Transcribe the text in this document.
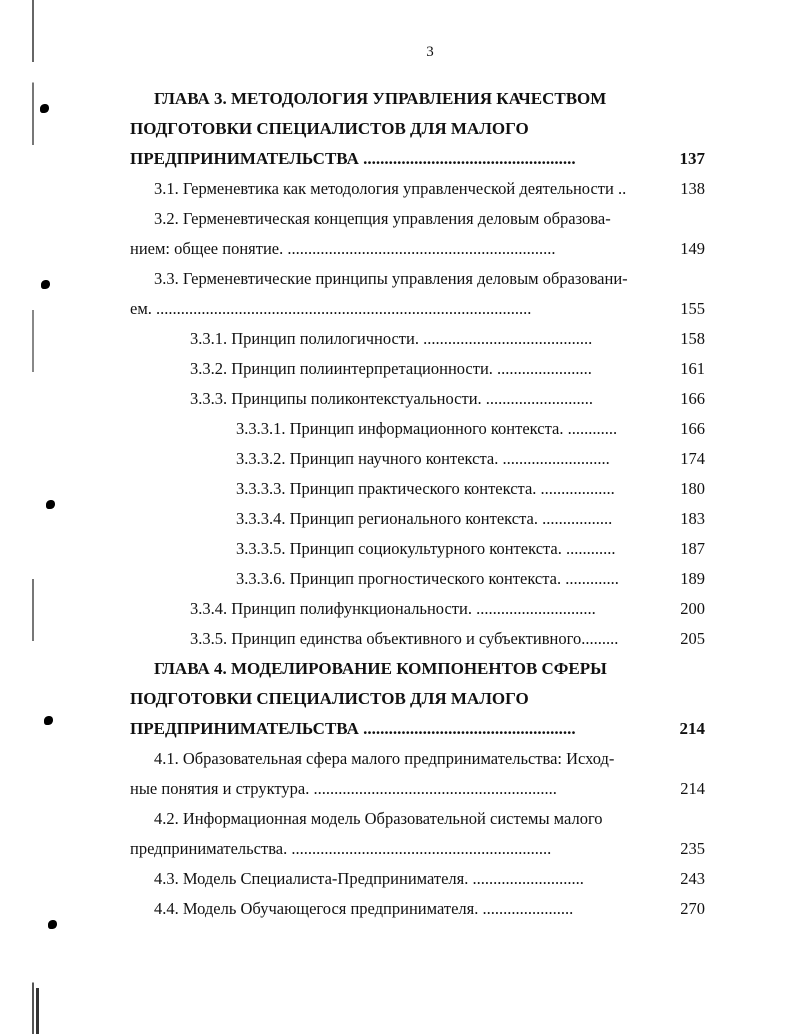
3
ГЛАВА 3. МЕТОДОЛОГИЯ УПРАВЛЕНИЯ КАЧЕСТВОМ
ПОДГОТОВКИ СПЕЦИАЛИСТОВ ДЛЯ МАЛОГО
ПРЕДПРИНИМАТЕЛЬСТВА ..................................................	137
3.1. Герменевтика как методология управленческой деятельности ..	138
3.2. Герменевтическая концепция управления деловым образова-
нием: общее понятие. .................................................................	149
3.3. Герменевтические принципы управления деловым образовани-
ем. ...........................................................................................	155
3.3.1. Принцип полилогичности. .........................................	158
3.3.2. Принцип полиинтерпретационности. .......................	161
3.3.3. Принципы поликонтекстуальности. ..........................	166
3.3.3.1. Принцип информационного контекста. ............	166
3.3.3.2. Принцип научного контекста. ..........................	174
3.3.3.3. Принцип практического контекста. ..................	180
3.3.3.4. Принцип регионального контекста. .................	183
3.3.3.5. Принцип социокультурного контекста. ............	187
3.3.3.6. Принцип прогностического контекста. .............	189
3.3.4. Принцип полифункциональности. .............................	200
3.3.5. Принцип единства объективного и субъективного.........	205
ГЛАВА 4. МОДЕЛИРОВАНИЕ КОМПОНЕНТОВ СФЕРЫ
ПОДГОТОВКИ СПЕЦИАЛИСТОВ ДЛЯ МАЛОГО
ПРЕДПРИНИМАТЕЛЬСТВА ..................................................	214
4.1. Образовательная сфера малого предпринимательства: Исход-
ные понятия и структура. ...........................................................	214
4.2. Информационная модель Образовательной системы малого
предпринимательства. ...............................................................	235
4.3. Модель Специалиста-Предпринимателя. ...........................	243
4.4. Модель Обучающегося предпринимателя. ......................	270
